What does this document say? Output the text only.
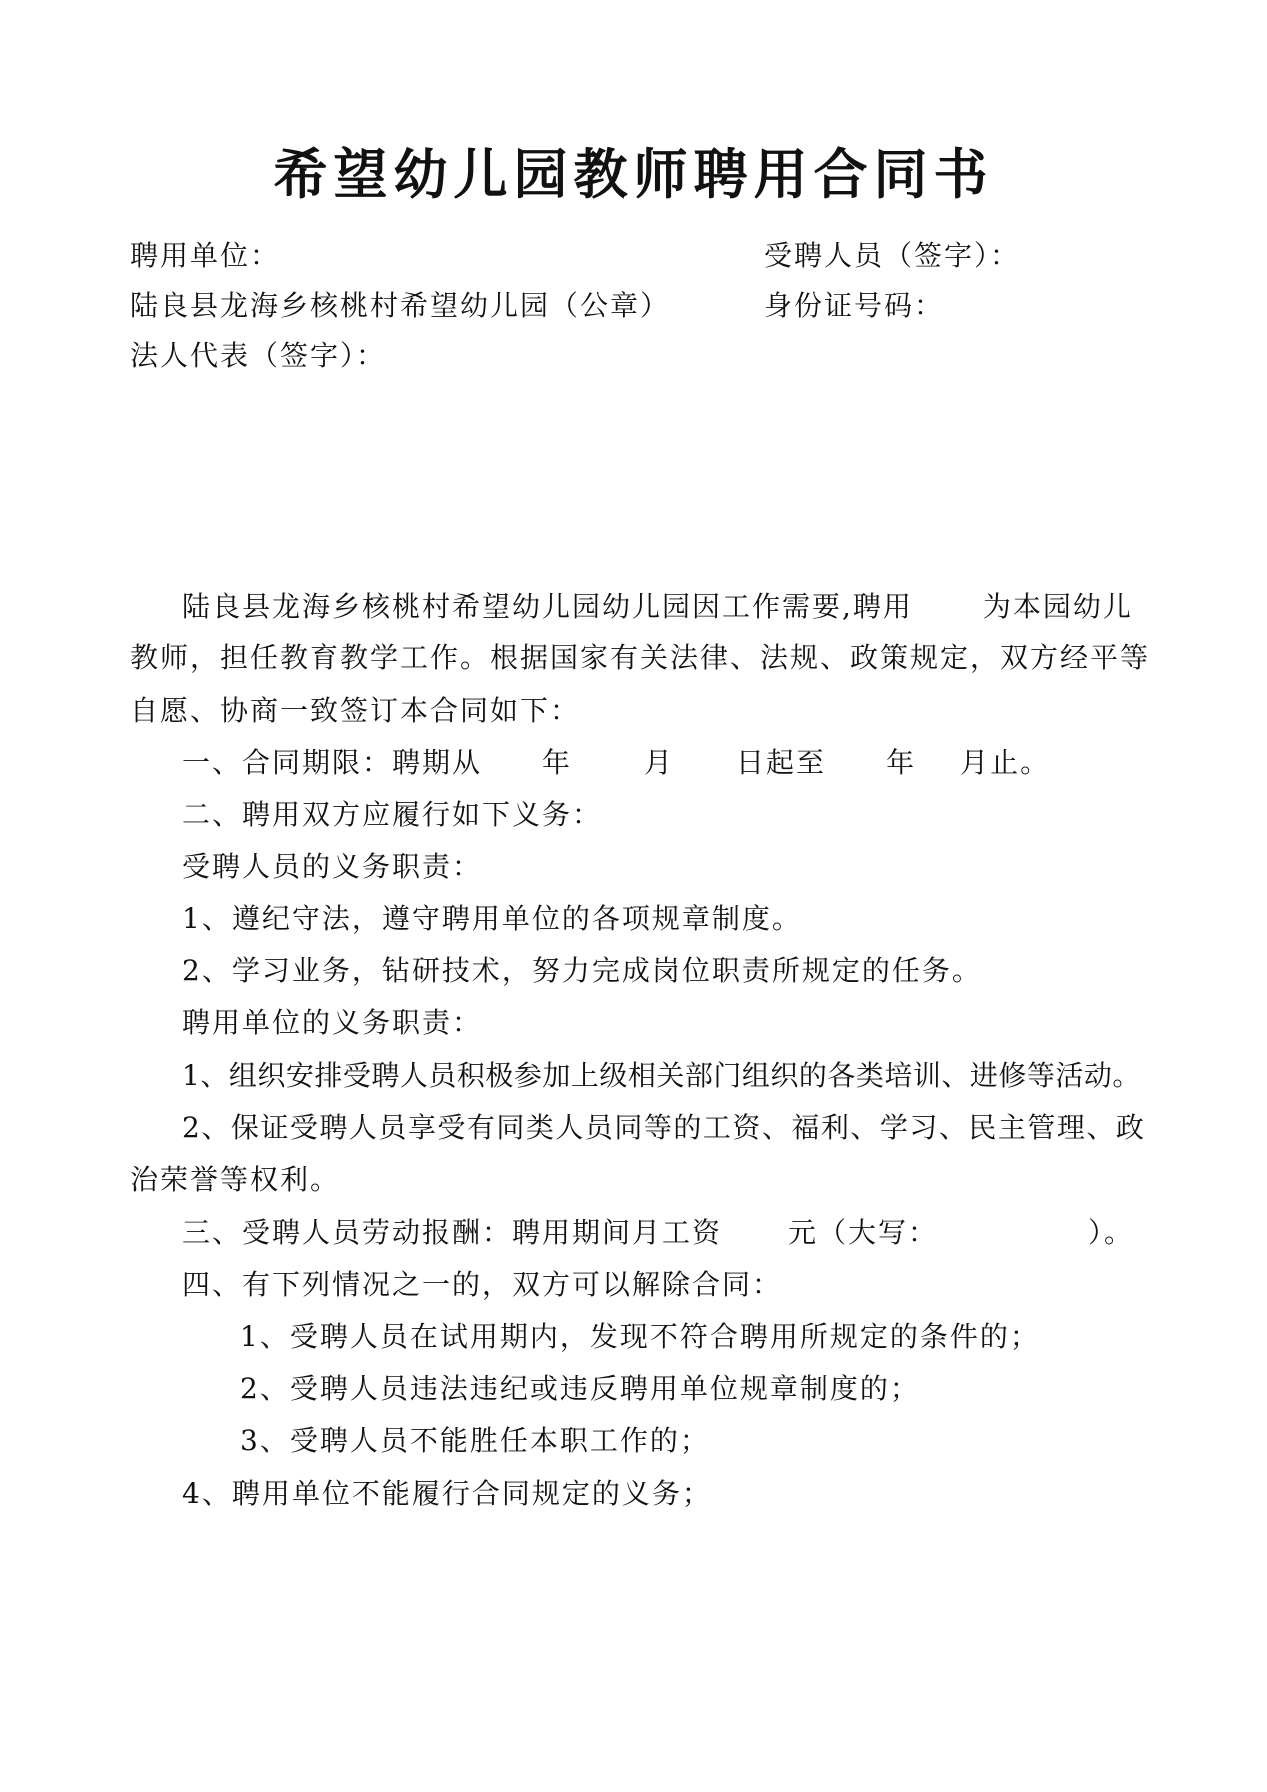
希望幼儿园教师聘用合同书
聘用单位：	受聘人员（签字）：
陆良县龙海乡核桃村希望幼儿园（公章）	身份证号码：
法人代表（签字）：
陆良县龙海乡核桃村希望幼儿园幼儿园因工作需要,聘用	为本园幼儿
教师，担任教育教学工作。根据国家有关法律、法规、政策规定，双方经平等
自愿、协商一致签订本合同如下：
一、合同期限：聘期从 年	月 日起至 年 月止。
二、聘用双方应履行如下义务：
受聘人员的义务职责：
1、遵纪守法，遵守聘用单位的各项规章制度。
2、学习业务，钻研技术，努力完成岗位职责所规定的任务。
聘用单位的义务职责：
1、组织安排受聘人员积极参加上级相关部门组织的各类培训、进修等活动。
2、保证受聘人员享受有同类人员同等的工资、福利、学习、民主管理、政
治荣誉等权利。
三、受聘人员劳动报酬：聘用期间月工资 元（大写：	）。
四、有下列情况之一的，双方可以解除合同：
1、受聘人员在试用期内，发现不符合聘用所规定的条件的；
2、受聘人员违法违纪或违反聘用单位规章制度的；
3、受聘人员不能胜任本职工作的；
4、聘用单位不能履行合同规定的义务；
